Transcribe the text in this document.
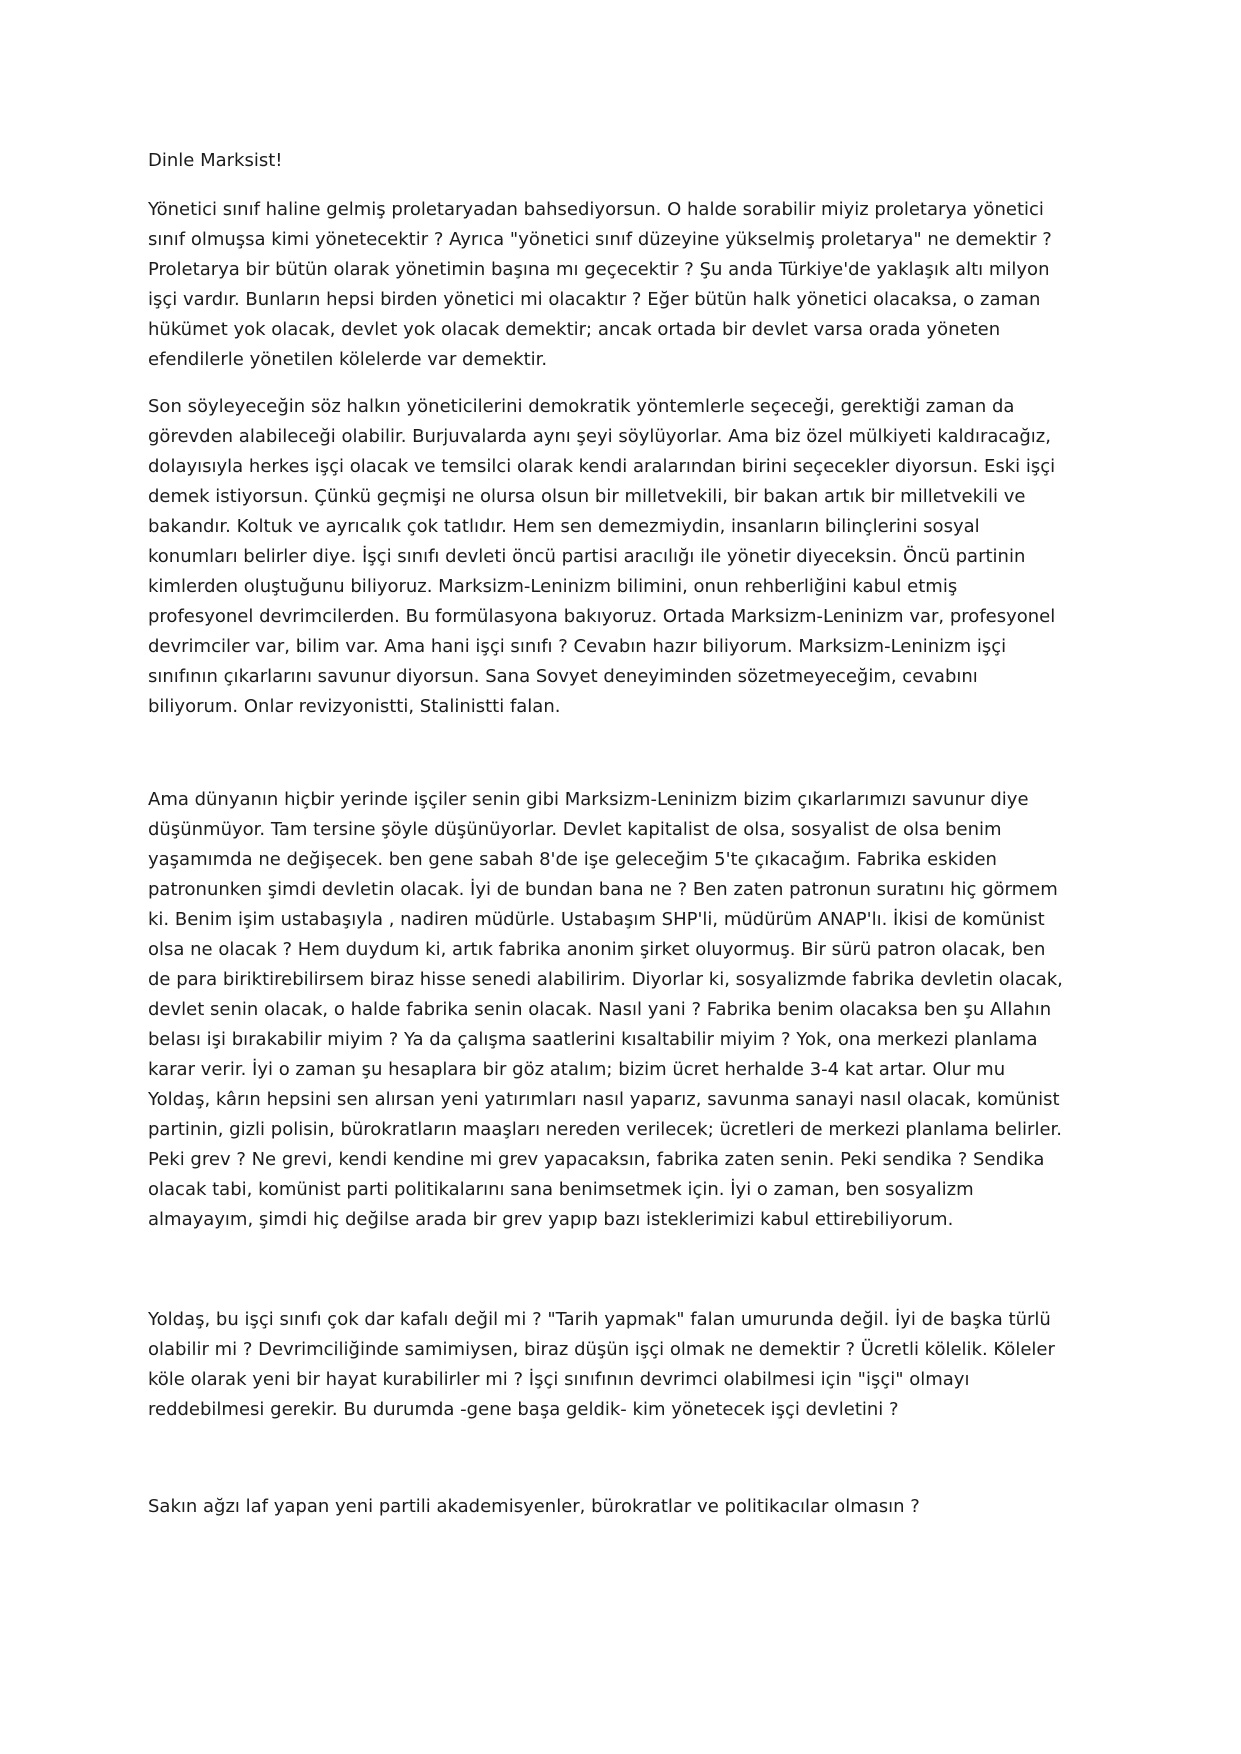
Dinle Marksist!

Yönetici sınıf haline gelmiş proletaryadan bahsediyorsun. O halde sorabilir miyiz proletarya yönetici
sınıf olmuşsa kimi yönetecektir ? Ayrıca "yönetici sınıf düzeyine yükselmiş proletarya" ne demektir ?
Proletarya bir bütün olarak yönetimin başına mı geçecektir ? Şu anda Türkiye'de yaklaşık altı milyon
işçi vardır. Bunların hepsi birden yönetici mi olacaktır ? Eğer bütün halk yönetici olacaksa, o zaman
hükümet yok olacak, devlet yok olacak demektir; ancak ortada bir devlet varsa orada yöneten
efendilerle yönetilen kölelerde var demektir.

Son söyleyeceğin söz halkın yöneticilerini demokratik yöntemlerle seçeceği, gerektiği zaman da
görevden alabileceği olabilir. Burjuvalarda aynı şeyi söylüyorlar. Ama biz özel mülkiyeti kaldıracağız,
dolayısıyla herkes işçi olacak ve temsilci olarak kendi aralarından birini seçecekler diyorsun. Eski işçi
demek istiyorsun. Çünkü geçmişi ne olursa olsun bir milletvekili, bir bakan artık bir milletvekili ve
bakandır. Koltuk ve ayrıcalık çok tatlıdır. Hem sen demezmiydin, insanların bilinçlerini sosyal
konumları belirler diye. İşçi sınıfı devleti öncü partisi aracılığı ile yönetir diyeceksin. Öncü partinin
kimlerden oluştuğunu biliyoruz. Marksizm-Leninizm bilimini, onun rehberliğini kabul etmiş
profesyonel devrimcilerden. Bu formülasyona bakıyoruz. Ortada Marksizm-Leninizm var, profesyonel
devrimciler var, bilim var. Ama hani işçi sınıfı ? Cevabın hazır biliyorum. Marksizm-Leninizm işçi
sınıfının çıkarlarını savunur diyorsun. Sana Sovyet deneyiminden sözetmeyeceğim, cevabını
biliyorum. Onlar revizyonistti, Stalinistti falan.

Ama dünyanın hiçbir yerinde işçiler senin gibi Marksizm-Leninizm bizim çıkarlarımızı savunur diye
düşünmüyor. Tam tersine şöyle düşünüyorlar. Devlet kapitalist de olsa, sosyalist de olsa benim
yaşamımda ne değişecek. ben gene sabah 8'de işe geleceğim 5'te çıkacağım. Fabrika eskiden
patronunken şimdi devletin olacak. İyi de bundan bana ne ? Ben zaten patronun suratını hiç görmem
ki. Benim işim ustabaşıyla , nadiren müdürle. Ustabaşım SHP'li, müdürüm ANAP'lı. İkisi de komünist
olsa ne olacak ? Hem duydum ki, artık fabrika anonim şirket oluyormuş. Bir sürü patron olacak, ben
de para biriktirebilirsem biraz hisse senedi alabilirim. Diyorlar ki, sosyalizmde fabrika devletin olacak,
devlet senin olacak, o halde fabrika senin olacak. Nasıl yani ? Fabrika benim olacaksa ben şu Allahın
belası işi bırakabilir miyim ? Ya da çalışma saatlerini kısaltabilir miyim ? Yok, ona merkezi planlama
karar verir. İyi o zaman şu hesaplara bir göz atalım; bizim ücret herhalde 3-4 kat artar. Olur mu
Yoldaş, kârın hepsini sen alırsan yeni yatırımları nasıl yaparız, savunma sanayi nasıl olacak, komünist
partinin, gizli polisin, bürokratların maaşları nereden verilecek; ücretleri de merkezi planlama belirler.
Peki grev ? Ne grevi, kendi kendine mi grev yapacaksın, fabrika zaten senin. Peki sendika ? Sendika
olacak tabi, komünist parti politikalarını sana benimsetmek için. İyi o zaman, ben sosyalizm
almayayım, şimdi hiç değilse arada bir grev yapıp bazı isteklerimizi kabul ettirebiliyorum.

Yoldaş, bu işçi sınıfı çok dar kafalı değil mi ? "Tarih yapmak" falan umurunda değil. İyi de başka türlü
olabilir mi ? Devrimciliğinde samimiysen, biraz düşün işçi olmak ne demektir ? Ücretli kölelik. Köleler
köle olarak yeni bir hayat kurabilirler mi ? İşçi sınıfının devrimci olabilmesi için "işçi" olmayı
reddebilmesi gerekir. Bu durumda -gene başa geldik- kim yönetecek işçi devletini ?

Sakın ağzı laf yapan yeni partili akademisyenler, bürokratlar ve politikacılar olmasın ?
